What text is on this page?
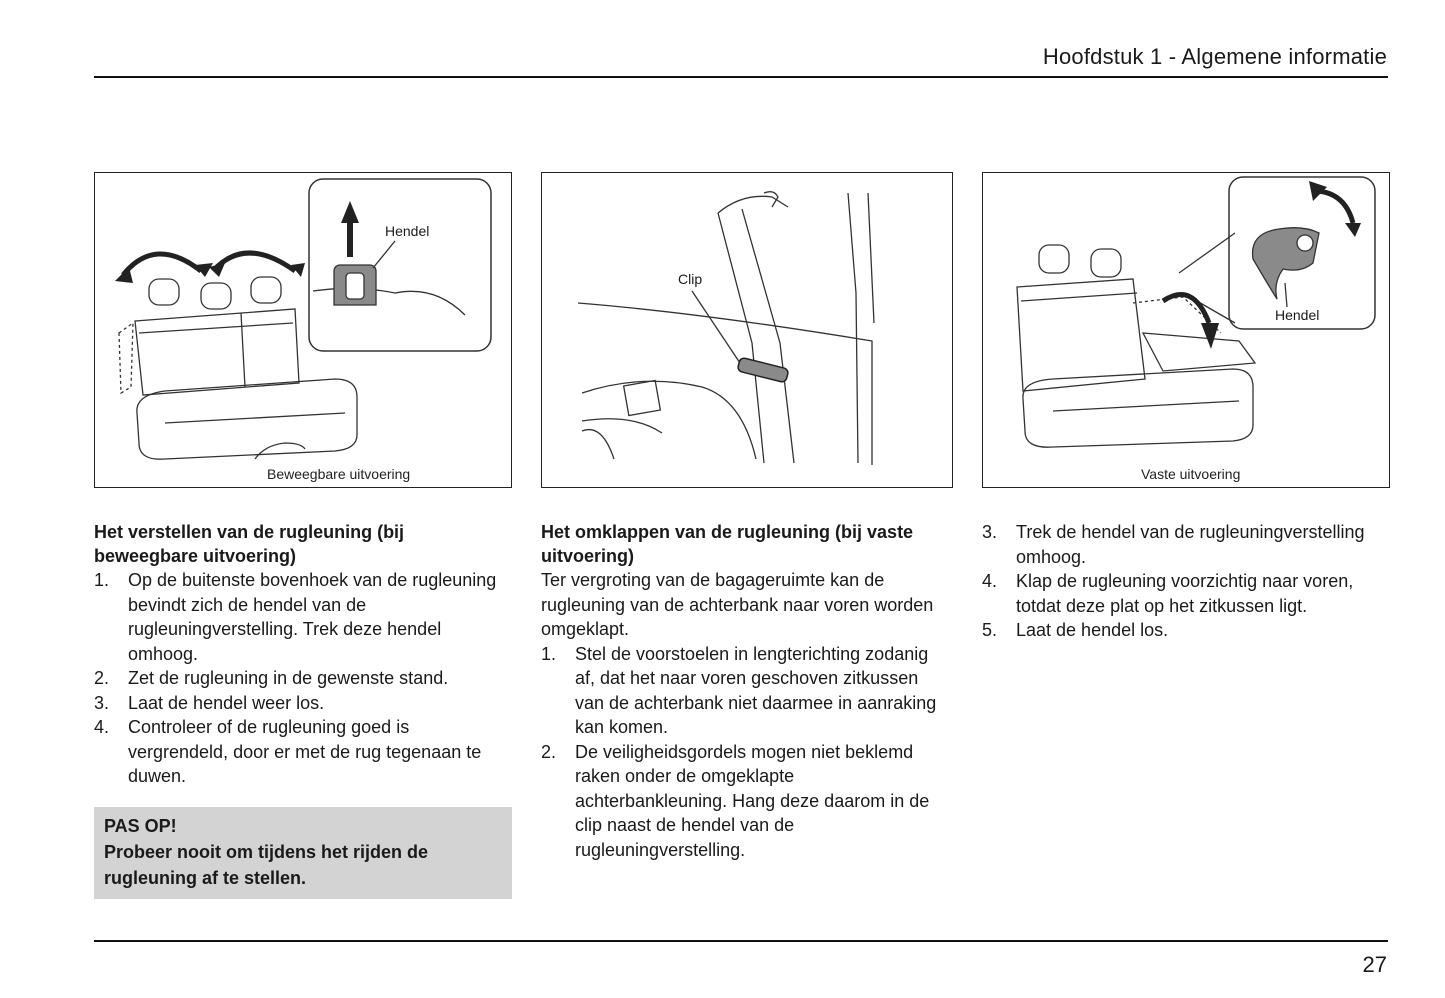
Hoofdstuk 1 - Algemene informatie
Hendel
Beweegbare uitvoering
Clip
Hendel
Vaste uitvoering
Het verstellen van de rugleuning (bij beweegbare uitvoering)
1. Op de buitenste bovenhoek van de rugleuning bevindt zich de hendel van de rugleuningverstelling. Trek deze hendel omhoog.
2. Zet de rugleuning in de gewenste stand.
3. Laat de hendel weer los.
4. Controleer of de rugleuning goed is vergrendeld, door er met de rug tegenaan te duwen.
PAS OP!
Probeer nooit om tijdens het rijden de rugleuning af te stellen.
Het omklappen van de rugleuning (bij vaste uitvoering)

Ter vergroting van de bagageruimte kan de rugleuning van de achterbank naar voren worden omgeklapt.

1. Stel de voorstoelen in lengterichting zodanig af, dat het naar voren geschoven zitkussen van de achterbank niet daarmee in aanraking kan komen.
2. De veiligheidsgordels mogen niet beklemd raken onder de omgeklapte achterbankleuning. Hang deze daarom in de clip naast de hendel van de rugleuningverstelling.
3. Trek de hendel van de rugleuningverstelling omhoog.
4. Klap de rugleuning voorzichtig naar voren, totdat deze plat op het zitkussen ligt.
5. Laat de hendel los.
27
